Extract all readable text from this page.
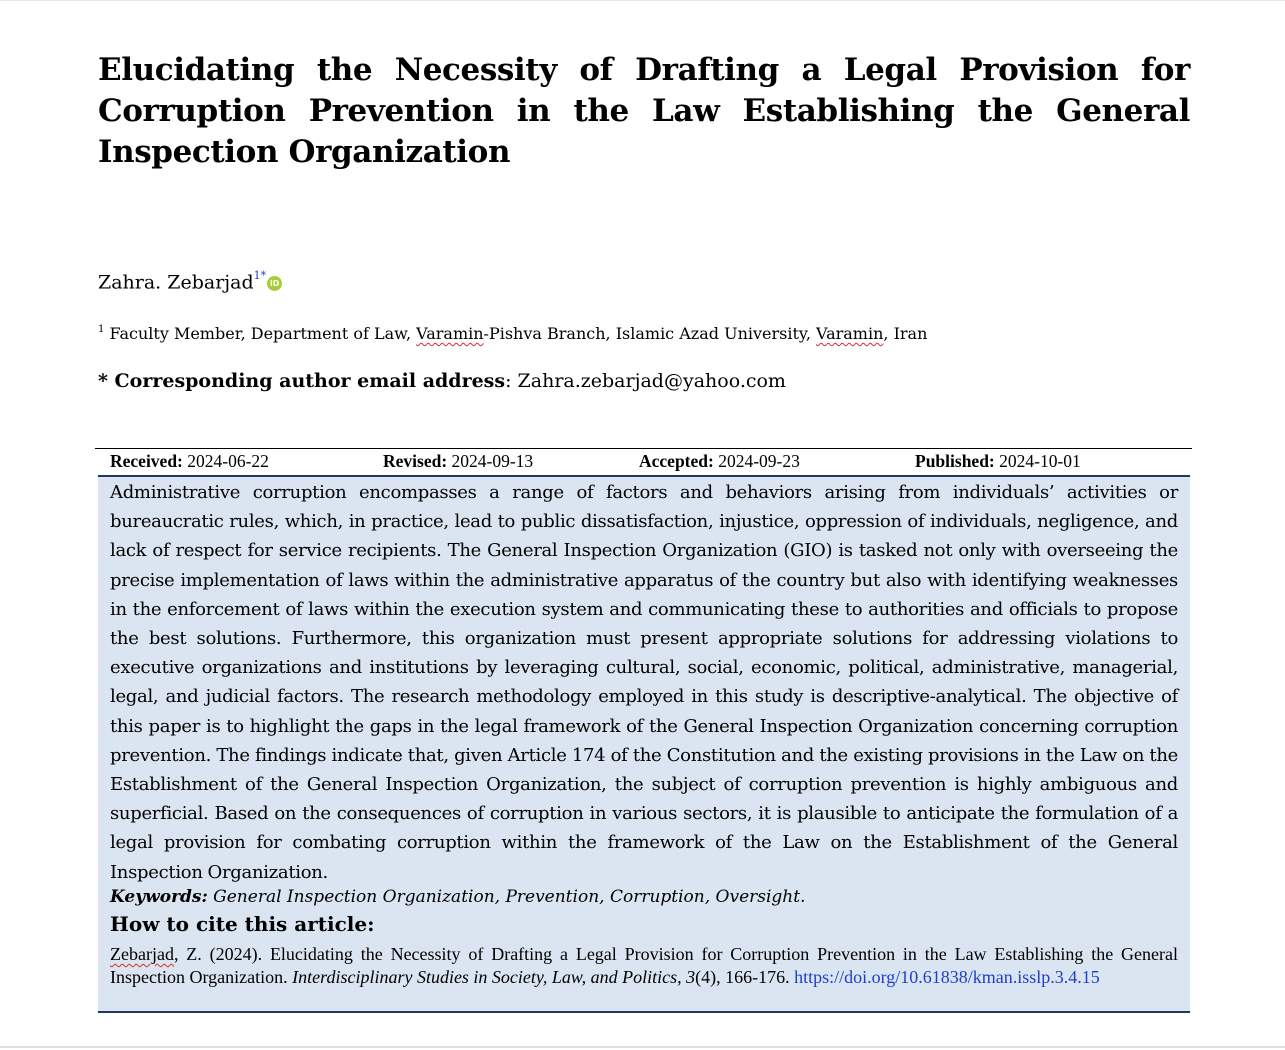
Elucidating the Necessity of Drafting a Legal Provision for Corruption Prevention in the Law Establishing the General Inspection Organization
Zahra. Zebarjad$^{1*}$iD
$^1$ Faculty Member, Department of Law, Varamin-Pishva Branch, Islamic Azad University, Varamin, Iran
* Corresponding author email address: Zahra.zebarjad@yahoo.com
Received: 2024-06-22	Revised: 2024-09-13	Accepted: 2024-09-23	Published: 2024-10-01

Administrative corruption encompasses a range of factors and behaviors arising from individuals’ activities or bureaucratic rules, which, in practice, lead to public dissatisfaction, injustice, oppression of individuals, negligence, and lack of respect for service recipients. The General Inspection Organization (GIO) is tasked not only with overseeing the precise implementation of laws within the administrative apparatus of the country but also with identifying weaknesses in the enforcement of laws within the execution system and communicating these to authorities and officials to propose the best solutions. Furthermore, this organization must present appropriate solutions for addressing violations to executive organizations and institutions by leveraging cultural, social, economic, political, administrative, managerial, legal, and judicial factors. The research methodology employed in this study is descriptive-analytical. The objective of this paper is to highlight the gaps in the legal framework of the General Inspection Organization concerning corruption prevention. The findings indicate that, given Article 174 of the Constitution and the existing provisions in the Law on the Establishment of the General Inspection Organization, the subject of corruption prevention is highly ambiguous and superficial. Based on the consequences of corruption in various sectors, it is plausible to anticipate the formulation of a legal provision for combating corruption within the framework of the Law on the Establishment of the General Inspection Organization.

Keywords: General Inspection Organization, Prevention, Corruption, Oversight.
How to cite this article:

Zebarjad, Z. (2024). Elucidating the Necessity of Drafting a Legal Provision for Corruption Prevention in the Law Establishing the General Inspection Organization. Interdisciplinary Studies in Society, Law, and Politics, 3(4), 166-176. https://doi.org/10.61838/kman.isslp.3.4.15
